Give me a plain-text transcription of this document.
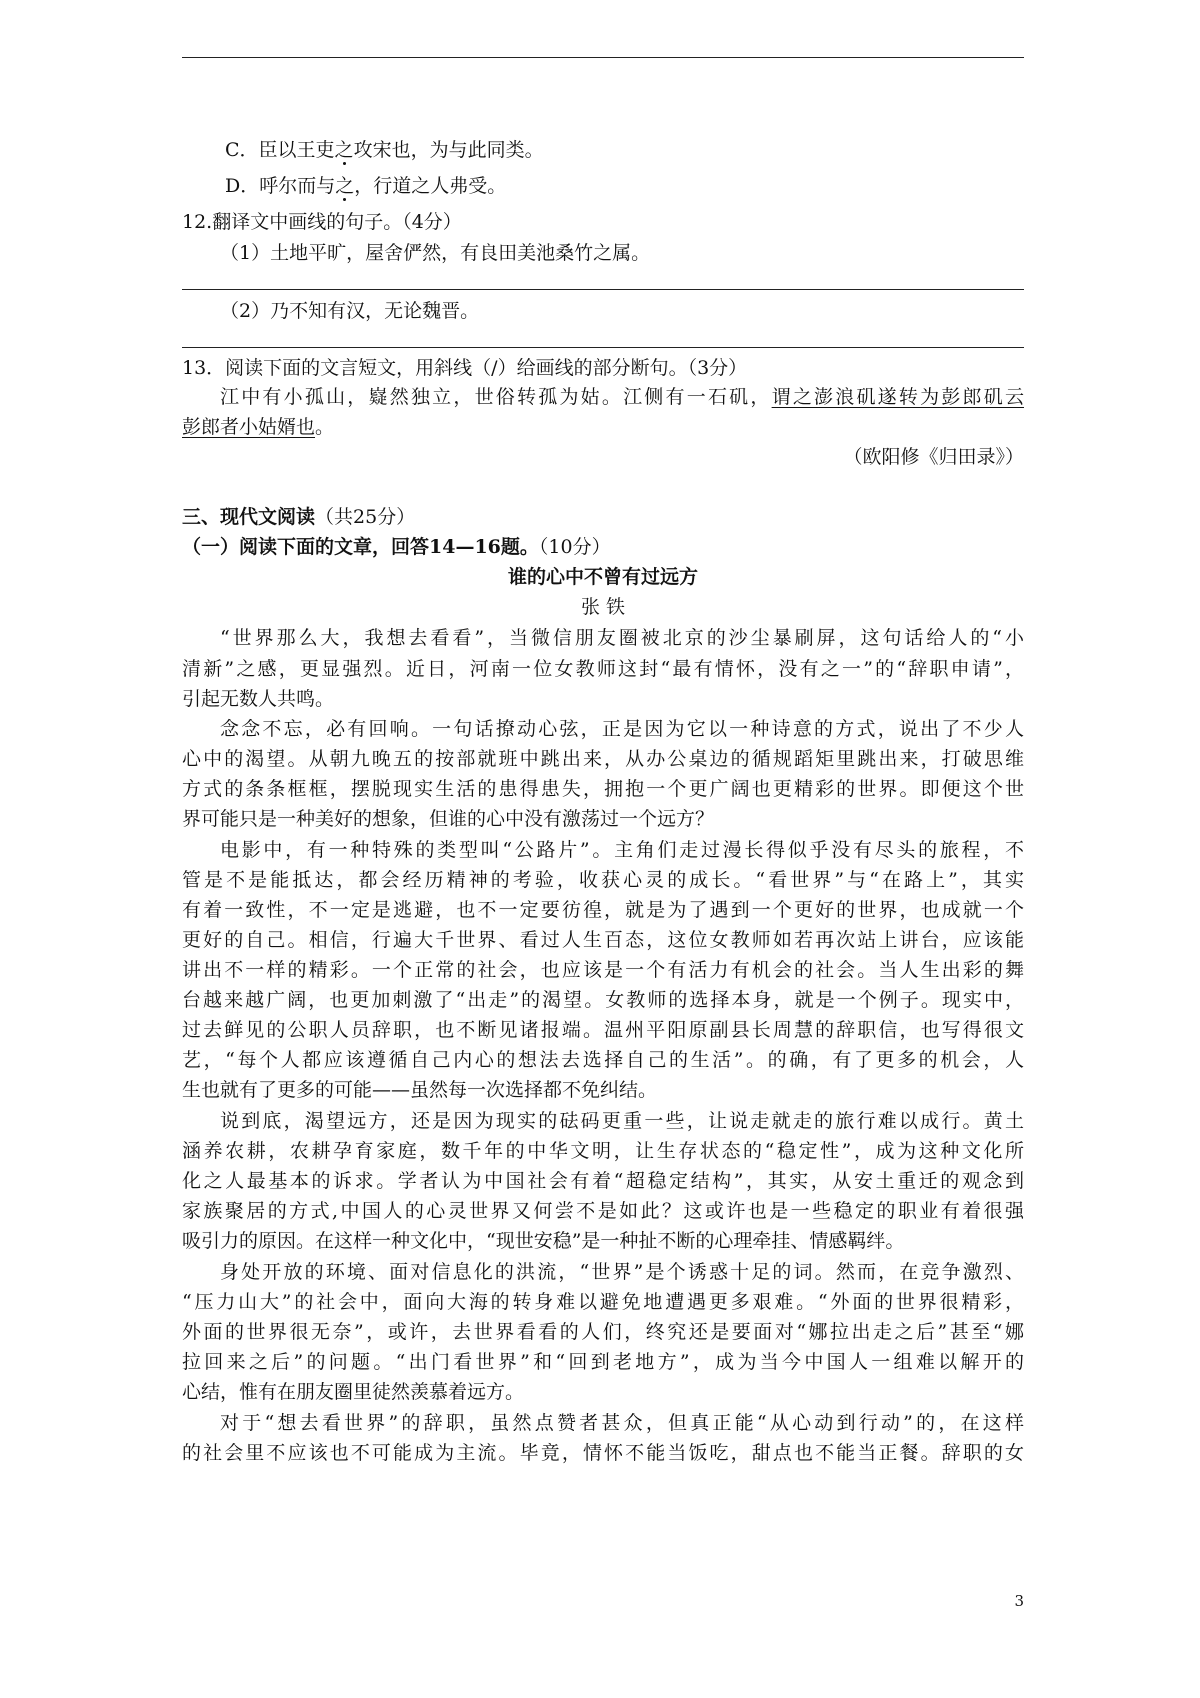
C．臣以王吏之
攻宋也，为与此同类。
D．呼尔而与之
，行道之人弗受。
12.翻译文中画线的句子。（4分）
（1）土地平旷，屋舍俨然，有良田美池桑竹之属。
（2）乃不知有汉，无论魏晋。
13．阅读下面的文言短文，用斜线（/）给画线的部分断句。（3分）
江中有小孤山，嶷然独立，世俗转孤为姑。江侧有一石矶，谓之澎浪矶遂转为彭郎矶云
彭郎者小姑婿也。
（欧阳修《归田录》）
三、现代文阅读（共25分）
（一）阅读下面的文章，回答14—16题。（10分）
谁的心中不曾有过远方
张 铁
“世界那么大，我想去看看”，当微信朋友圈被北京的沙尘暴刷屏，这句话给人的“小
清新”之感，更显强烈。近日，河南一位女教师这封“最有情怀，没有之一”的“辞职申请”，
引起无数人共鸣。
念念不忘，必有回响。一句话撩动心弦，正是因为它以一种诗意的方式，说出了不少人
心中的渴望。从朝九晚五的按部就班中跳出来，从办公桌边的循规蹈矩里跳出来，打破思维
方式的条条框框，摆脱现实生活的患得患失，拥抱一个更广阔也更精彩的世界。即便这个世
界可能只是一种美好的想象，但谁的心中没有激荡过一个远方？
电影中，有一种特殊的类型叫“公路片”。主角们走过漫长得似乎没有尽头的旅程，不
管是不是能抵达，都会经历精神的考验，收获心灵的成长。“看世界”与“在路上”，其实
有着一致性，不一定是逃避，也不一定要彷徨，就是为了遇到一个更好的世界，也成就一个
更好的自己。相信，行遍大千世界、看过人生百态，这位女教师如若再次站上讲台，应该能
讲出不一样的精彩。一个正常的社会，也应该是一个有活力有机会的社会。当人生出彩的舞
台越来越广阔，也更加刺激了“出走”的渴望。女教师的选择本身，就是一个例子。现实中，
过去鲜见的公职人员辞职，也不断见诸报端。温州平阳原副县长周慧的辞职信，也写得很文
艺，“每个人都应该遵循自己内心的想法去选择自己的生活”。的确，有了更多的机会，人
生也就有了更多的可能——虽然每一次选择都不免纠结。
说到底，渴望远方，还是因为现实的砝码更重一些，让说走就走的旅行难以成行。黄土
涵养农耕，农耕孕育家庭，数千年的中华文明，让生存状态的“稳定性”，成为这种文化所
化之人最基本的诉求。学者认为中国社会有着“超稳定结构”，其实，从安土重迁的观念到
家族聚居的方式,中国人的心灵世界又何尝不是如此？这或许也是一些稳定的职业有着很强
吸引力的原因。在这样一种文化中，“现世安稳”是一种扯不断的心理牵挂、情感羁绊。
身处开放的环境、面对信息化的洪流，“世界”是个诱惑十足的词。然而，在竞争激烈、
“压力山大”的社会中，面向大海的转身难以避免地遭遇更多艰难。“外面的世界很精彩，
外面的世界很无奈”，或许，去世界看看的人们，终究还是要面对“娜拉出走之后”甚至“娜
拉回来之后”的问题。“出门看世界”和“回到老地方”，成为当今中国人一组难以解开的
心结，惟有在朋友圈里徒然羡慕着远方。
对于“想去看世界”的辞职，虽然点赞者甚众，但真正能“从心动到行动”的，在这样
的社会里不应该也不可能成为主流。毕竟，情怀不能当饭吃，甜点也不能当正餐。辞职的女
3
